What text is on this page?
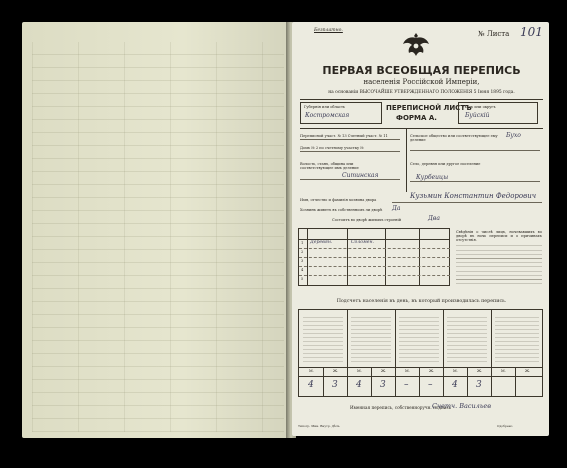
Безплатно.	№ Листа 101
ПЕРВАЯ ВСЕОБЩАЯ ПЕРЕПИСЬ
населенія Россійской Имперіи,
на основаніи ВЫСОЧАЙШЕ УТВЕРЖДЕННАГО ПОЛОЖЕНІЯ 5 Іюня 1895 года.
Губернія или область
Костромская
ПЕРЕПИСНОЙ ЛИСТЪ
ФОРМА А.
Уѣздъ или округъ
Буйскій
Переписной участ. № 13 Счетный участ. № 11
Домъ № 2 по счетному участку №
Волость, станъ, община или соответствующее имъ деление
Ситинская
Сельское общество или соответствующее ему деление
Бухо
Село, деревня или другое поселение
Курбеицы
Имя, отчество и фамилія хозяина двора	Кузьмин Константин Федорович
Хозяинъ живетъ въ собственномъ ли дворѣ Да
Состоитъ во дворѣ жилыхъ строеній	Два
1 Деревян.	Соломен.
2
3
4
5
Свѣдѣнія о числѣ лицъ, ночевавшихъ во дворѣ въ ночь переписи и о причинахъ отсутствія.
Подсчетъ населенія въ день, въ который производилась перепись.
М.	Ж.	М.	Ж.	М.	Ж.	М.	Ж.	М.	Ж.
4 3 4 3 – – 4 3
Именная перепись, собственноручн. подпись
Счетч. Васильев
Типогр. Мин. Внутр. Дѣлъ	Одобрено
